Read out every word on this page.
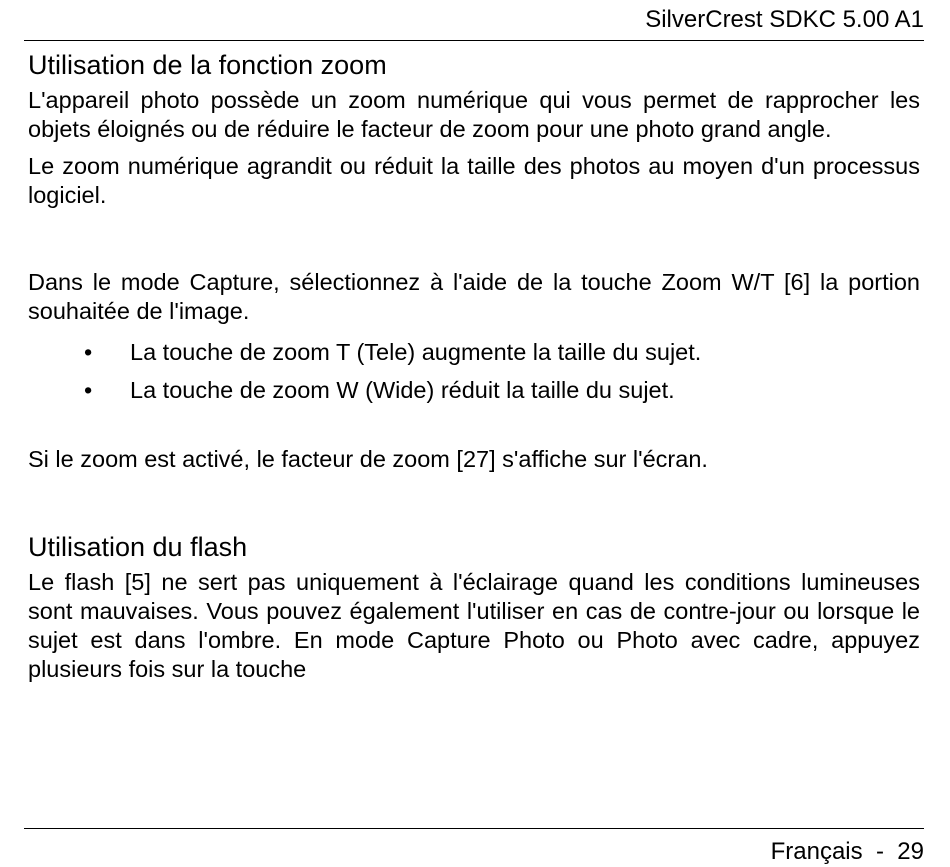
SilverCrest SDKC 5.00 A1
Utilisation de la fonction zoom

L'appareil photo possède un zoom numérique qui vous permet de rapprocher les objets éloignés ou de réduire le facteur de zoom pour une photo grand angle.

Le zoom numérique agrandit ou réduit la taille des photos au moyen d'un processus logiciel.

Dans le mode Capture, sélectionnez à l'aide de la touche Zoom W/T [6] la portion souhaitée de l'image.

• La touche de zoom T (Tele) augmente la taille du sujet.
• La touche de zoom W (Wide) réduit la taille du sujet.

Si le zoom est activé, le facteur de zoom [27] s'affiche sur l'écran.

Utilisation du flash

Le flash [5] ne sert pas uniquement à l'éclairage quand les conditions lumineuses sont mauvaises. Vous pouvez également l'utiliser en cas de contre-jour ou lorsque le sujet est dans l'ombre. En mode Capture Photo ou Photo avec cadre, appuyez plusieurs fois sur la touche

Français  -  29
